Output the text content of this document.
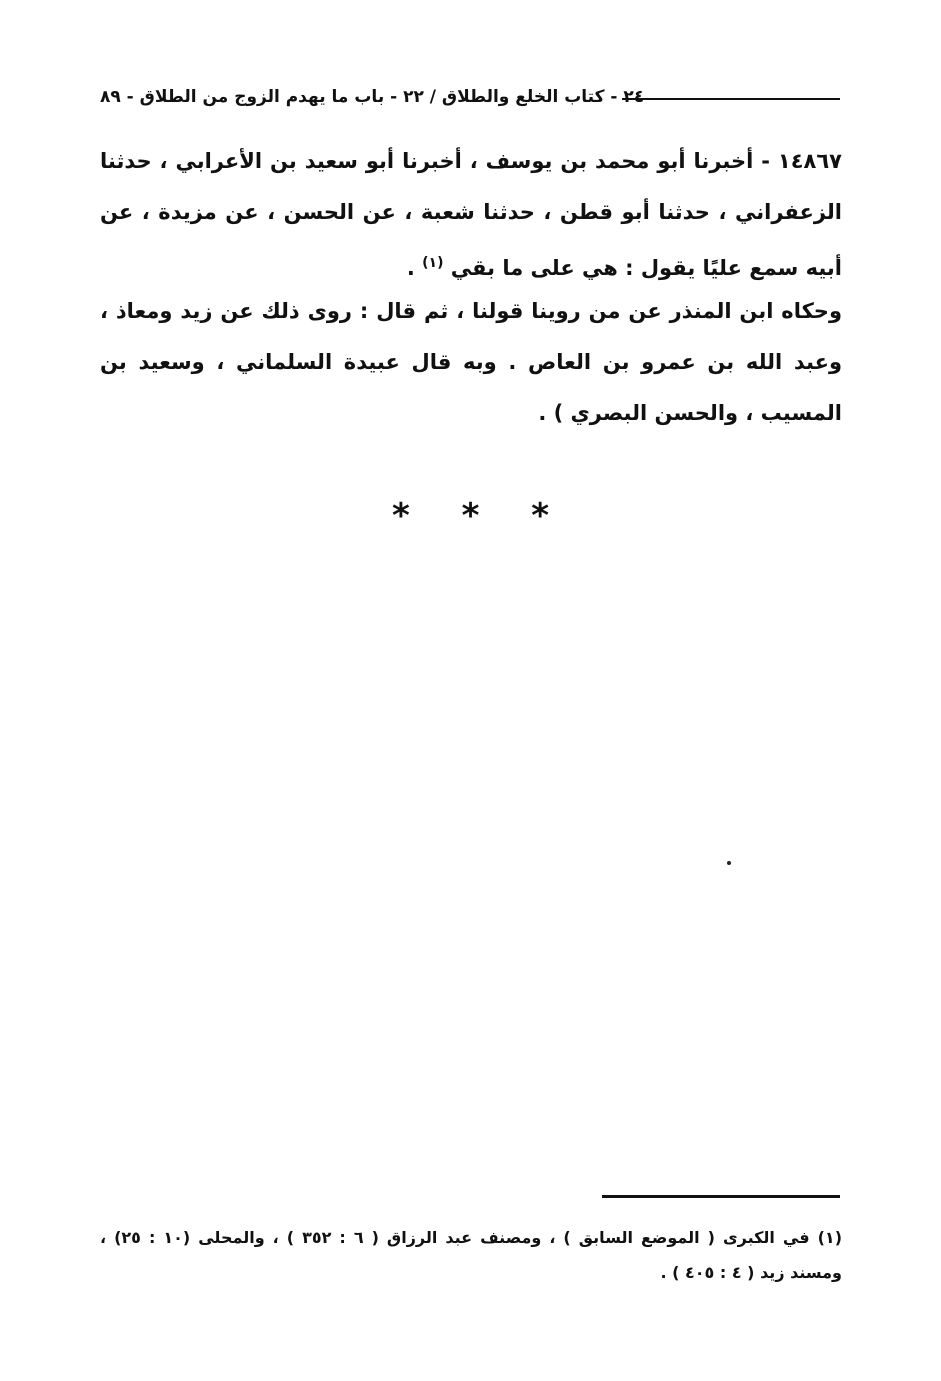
٢٤ - كتاب الخلع والطلاق / ٢٢ - باب ما يهدم الزوج من الطلاق - ٨٩

١٤٨٦٧ - أخبرنا أبو محمد بن يوسف ، أخبرنا أبو سعيد بن الأعرابي ، حدثنا الزعفراني ، حدثنا أبو قطن ، حدثنا شعبة ، عن الحسن ، عن مزيدة ، عن أبيه سمع عليًا يقول : هي على ما بقي $^{(١)}$ .

وحكاه ابن المنذر عن من روينا قولنا ، ثم قال : روى ذلك عن زيد ومعاذ ، وعبد الله بن عمرو بن العاص . وبه قال عبيدة السلماني ، وسعيد بن المسيب ، والحسن البصري ) .

* * *

(١) في الكبرى ( الموضع السابق ) ، ومصنف عبد الرزاق ( ٦ : ٣٥٢ ) ، والمحلى (١٠ : ٢٥) ، ومسند زيد ( ٤ : ٤٠٥ ) .
